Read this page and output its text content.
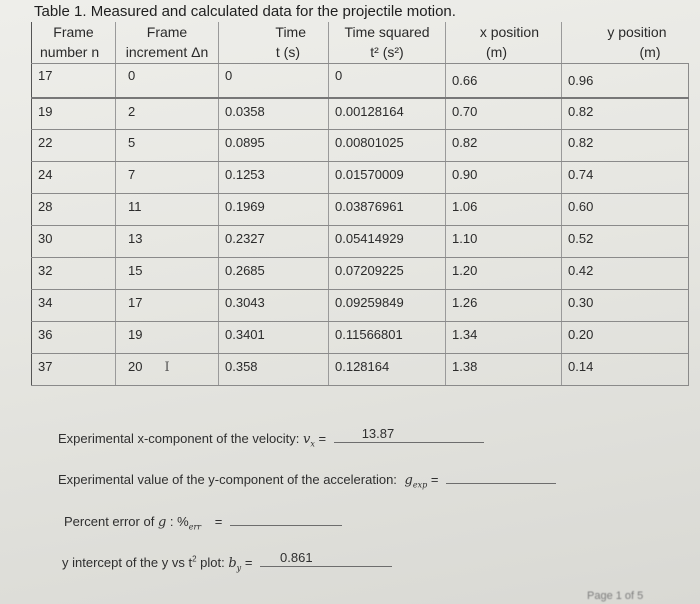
Table 1. Measured and calculated data for the projectile motion.
Frame	Frame	Time	Time squared	x position	y position
number n	increment Δn	t (s)	t² (s²)	(m)	(m)
17	0	0	0	0.66	0.96
19	2	0.0358	0.00128164	0.70	0.82
22	5	0.0895	0.00801025	0.82	0.82
24	7	0.1253	0.01570009	0.90	0.74
28	11	0.1969	0.03876961	1.06	0.60
30	13	0.2327	0.05414929	1.10	0.52
32	15	0.2685	0.07209225	1.20	0.42
34	17	0.3043	0.09259849	1.26	0.30
36	19	0.3401	0.11566801	1.34	0.20
37	20 I	0.358	0.128164	1.38	0.14
Experimental x-component of the velocity: $v_x$ =	13.87
Experimental value of the y-component of the acceleration: $g_{exp}$ =
Percent error of g : $\%_{err}$ =
y intercept of the y vs $t^2$ plot: $b_y = 0.861$
Page 1 of 5
